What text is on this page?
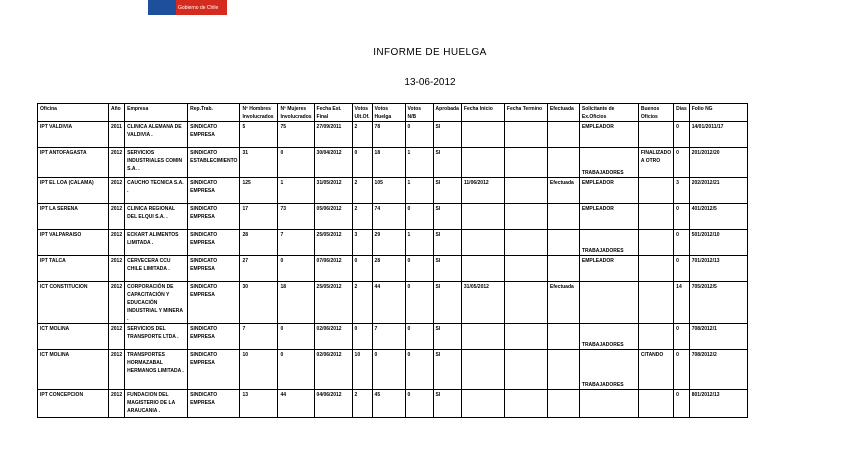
Gobierno de Chile
INFORME DE HUELGA
13-06-2012
Oficina	Año	Empresa	Rep.Trab.	Nº Hombres Involucrados	Nº Mujeres Involucrados	Fecha Est. Final	Votos Ult.Of.	Votos Huelga	Votos N/B	Aprobada	Fecha Inicio	Fecha Termino	Efectuada	Solicitante de Ex.Oficios	Buenos Oficios	Dias	Folio NG
IPT VALDIVIA	2011	CLINICA ALEMANA DE VALDIVIA .	SINDICATO EMPRESA	5	75	27/09/2011	2	78	0	SI				EMPLEADOR		0	14/01/2011/17
IPT ANTOFAGASTA	2012	SERVICIOS INDUSTRIALES COMIN S.A. .	SINDICATO ESTABLECIMIENTO	31	0	30/04/2012	0	18	1	SI				TRABAJADORES	FINALIZADO A OTRO	0	201/2012/20
IPT EL LOA (CALAMA)	2012	CAUCHO TECNICA S.A. .	SINDICATO EMPRESA	125	1	31/05/2012	2	105	1	SI	11/06/2012		Efectuada	EMPLEADOR		3	202/2012/21
IPT LA SERENA	2012	CLINICA REGIONAL DEL ELQUI S.A. .	SINDICATO EMPRESA	17	73	05/06/2012	2	74	0	SI				EMPLEADOR		0	401/2012/5
IPT VALPARAISO	2012	ECKART ALIMENTOS LIMITADA .	SINDICATO EMPRESA	28	7	25/05/2012	3	29	1	SI				TRABAJADORES		0	501/2012/10
IPT TALCA	2012	CERVECERA CCU CHILE LIMITADA .	SINDICATO EMPRESA	27	0	07/06/2012	0	28	0	SI				EMPLEADOR		0	701/2012/13
ICT CONSTITUCION	2012	CORPORACIÓN DE CAPACITACIÓN Y EDUCACIÓN INDUSTRIAL Y MINERA .	SINDICATO EMPRESA	30	18	25/05/2012	2	44	0	SI	31/05/2012		Efectuada			14	705/2012/5
ICT MOLINA	2012	SERVICIOS DEL TRANSPORTE LTDA .	SINDICATO EMPRESA	7	0	02/06/2012	0	7	0	SI				TRABAJADORES		0	708/2012/1
ICT MOLINA	2012	TRANSPORTES HORMAZABAL HERMANOS LIMITADA .	SINDICATO EMPRESA	10	0	02/06/2012	10	0	0	SI				TRABAJADORES	CITANDO	0	708/2012/2
IPT CONCEPCION	2012	FUNDACION DEL MAGISTERIO DE LA ARAUCANIA .	SINDICATO EMPRESA	13	44	04/06/2012	2	45	0	SI						0	801/2012/13
